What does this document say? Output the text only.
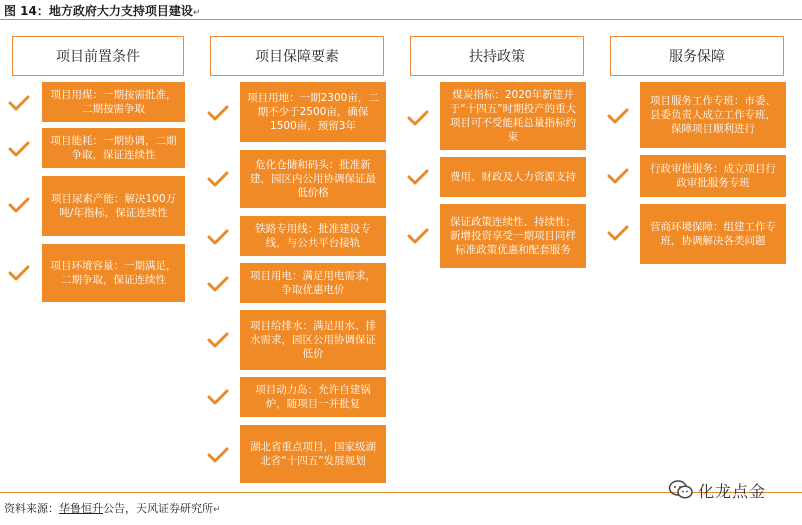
图 14：地方政府大力支持项目建设↵
项目前置条件	项目保障要素	扶持政策	服务保障
项目用煤：一期按需批准，二期按需争取
项目能耗：一期协调，二期争取，保证连续性
项目尿素产能：解决100万吨/年指标，保证连续性
项目环境容量：一期满足，二期争取，保证连续性
项目用地：一期2300亩，二期不少于2500亩，确保1500亩，预留3年
危化仓储和码头：批准新建，园区内公用协调保证最低价格
铁路专用线：批准建设专线，与公共平台接轨
项目用电：满足用电需求，争取优惠电价
项目给排水：满足用水、排水需求，园区公用协调保证低价
项目动力岛：允许自建锅炉，随项目一并批复
湖北省重点项目，国家级湖北省“十四五”发展规划
煤炭指标：2020年新建并于“十四五”时期投产的重大项目可不受能耗总量指标约束
费用、财政及人力资源支持
保证政策连续性、持续性；新增投资享受一期项目同样标准政策优惠和配套服务
项目服务工作专班：市委、县委负责人成立工作专班，保障项目顺利进行
行政审批服务：成立项目行政审批服务专班
营商环境保障：组建工作专班，协调解决各类问题
资料来源：华鲁恒升公告，天风证券研究所↵
化龙点金
